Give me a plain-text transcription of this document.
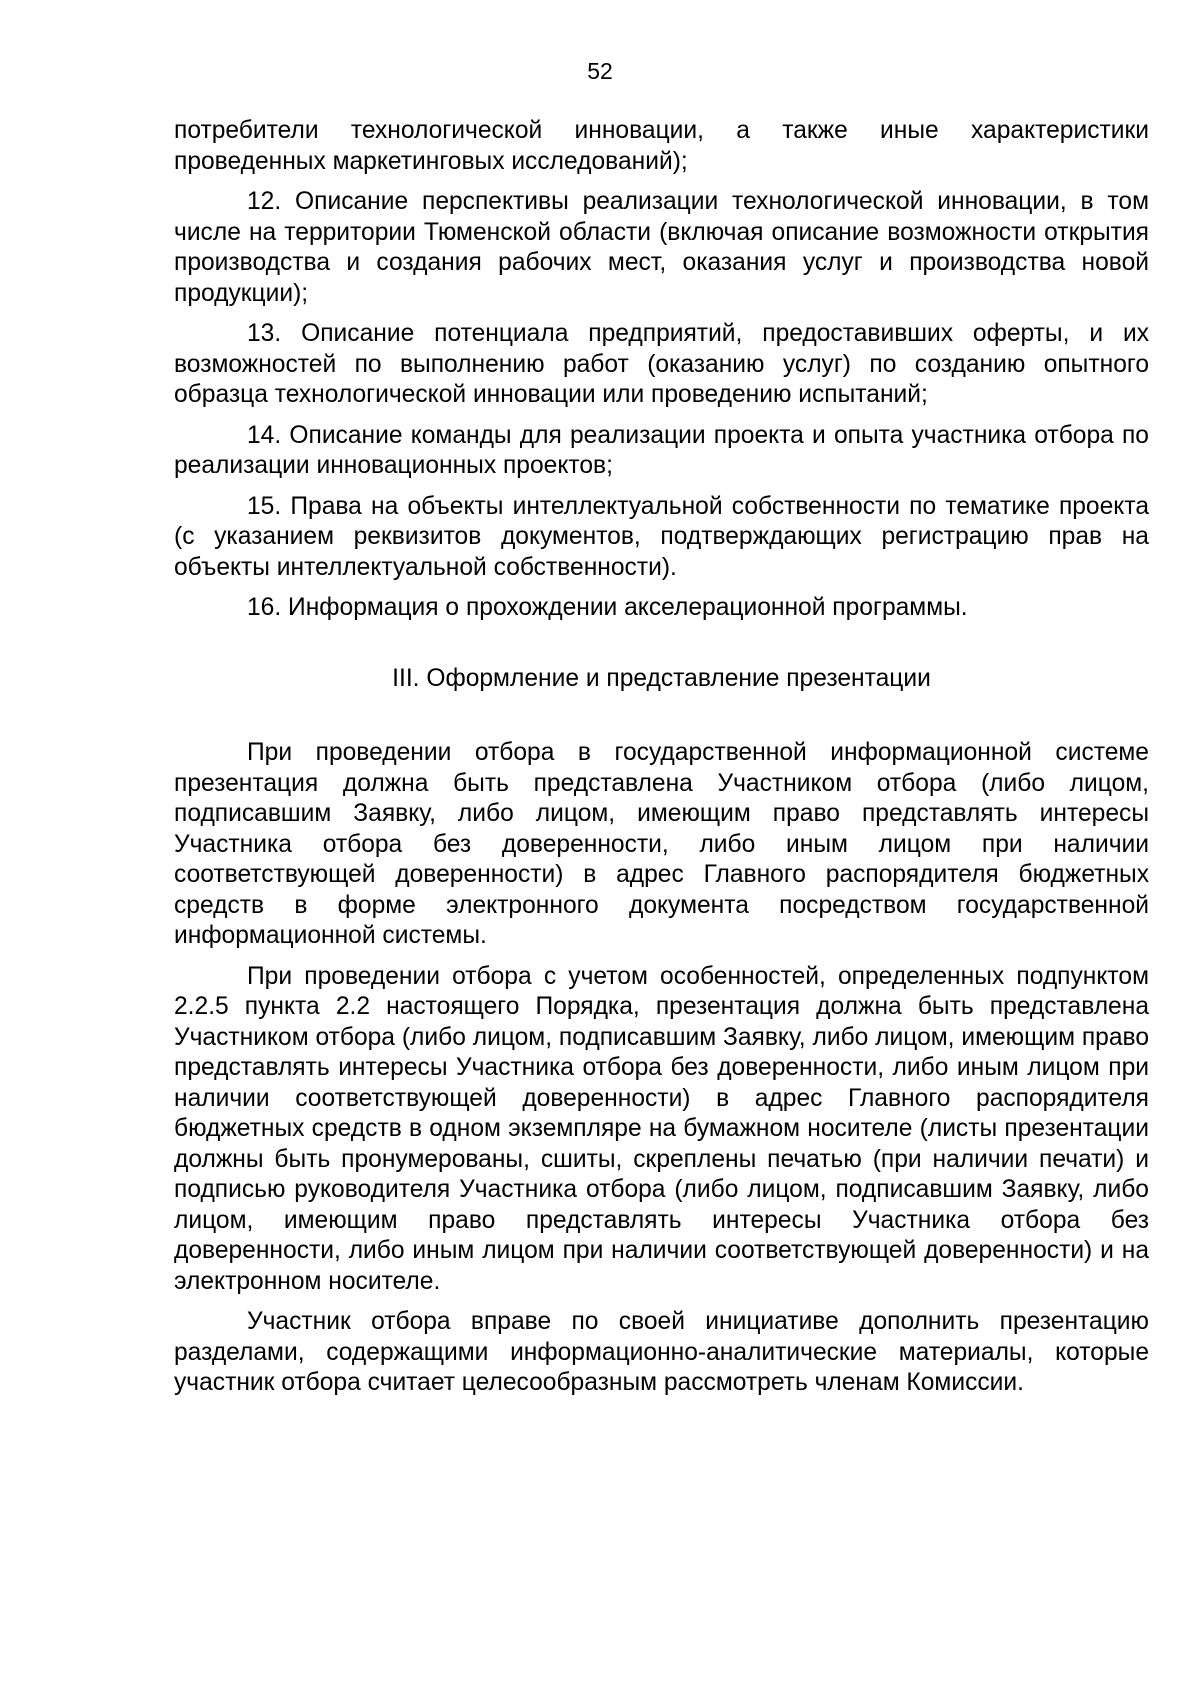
52

потребители технологической инновации, а также иные характеристики проведенных маркетинговых исследований);

12. Описание перспективы реализации технологической инновации, в том числе на территории Тюменской области (включая описание возможности открытия производства и создания рабочих мест, оказания услуг и производства новой продукции);

13. Описание потенциала предприятий, предоставивших оферты, и их возможностей по выполнению работ (оказанию услуг) по созданию опытного образца технологической инновации или проведению испытаний;

14. Описание команды для реализации проекта и опыта участника отбора по реализации инновационных проектов;

15. Права на объекты интеллектуальной собственности по тематике проекта (с указанием реквизитов документов, подтверждающих регистрацию прав на объекты интеллектуальной собственности).

16. Информация о прохождении акселерационной программы.

III. Оформление и представление презентации

При проведении отбора в государственной информационной системе презентация должна быть представлена Участником отбора (либо лицом, подписавшим Заявку, либо лицом, имеющим право представлять интересы Участника отбора без доверенности, либо иным лицом при наличии соответствующей доверенности) в адрес Главного распорядителя бюджетных средств в форме электронного документа посредством государственной информационной системы.

При проведении отбора с учетом особенностей, определенных подпунктом 2.2.5 пункта 2.2 настоящего Порядка, презентация должна быть представлена Участником отбора (либо лицом, подписавшим Заявку, либо лицом, имеющим право представлять интересы Участника отбора без доверенности, либо иным лицом при наличии соответствующей доверенности) в адрес Главного распорядителя бюджетных средств в одном экземпляре на бумажном носителе (листы презентации должны быть пронумерованы, сшиты, скреплены печатью (при наличии печати) и подписью руководителя Участника отбора (либо лицом, подписавшим Заявку, либо лицом, имеющим право представлять интересы Участника отбора без доверенности, либо иным лицом при наличии соответствующей доверенности) и на электронном носителе.

Участник отбора вправе по своей инициативе дополнить презентацию разделами, содержащими информационно-аналитические материалы, которые участник отбора считает целесообразным рассмотреть членам Комиссии.
